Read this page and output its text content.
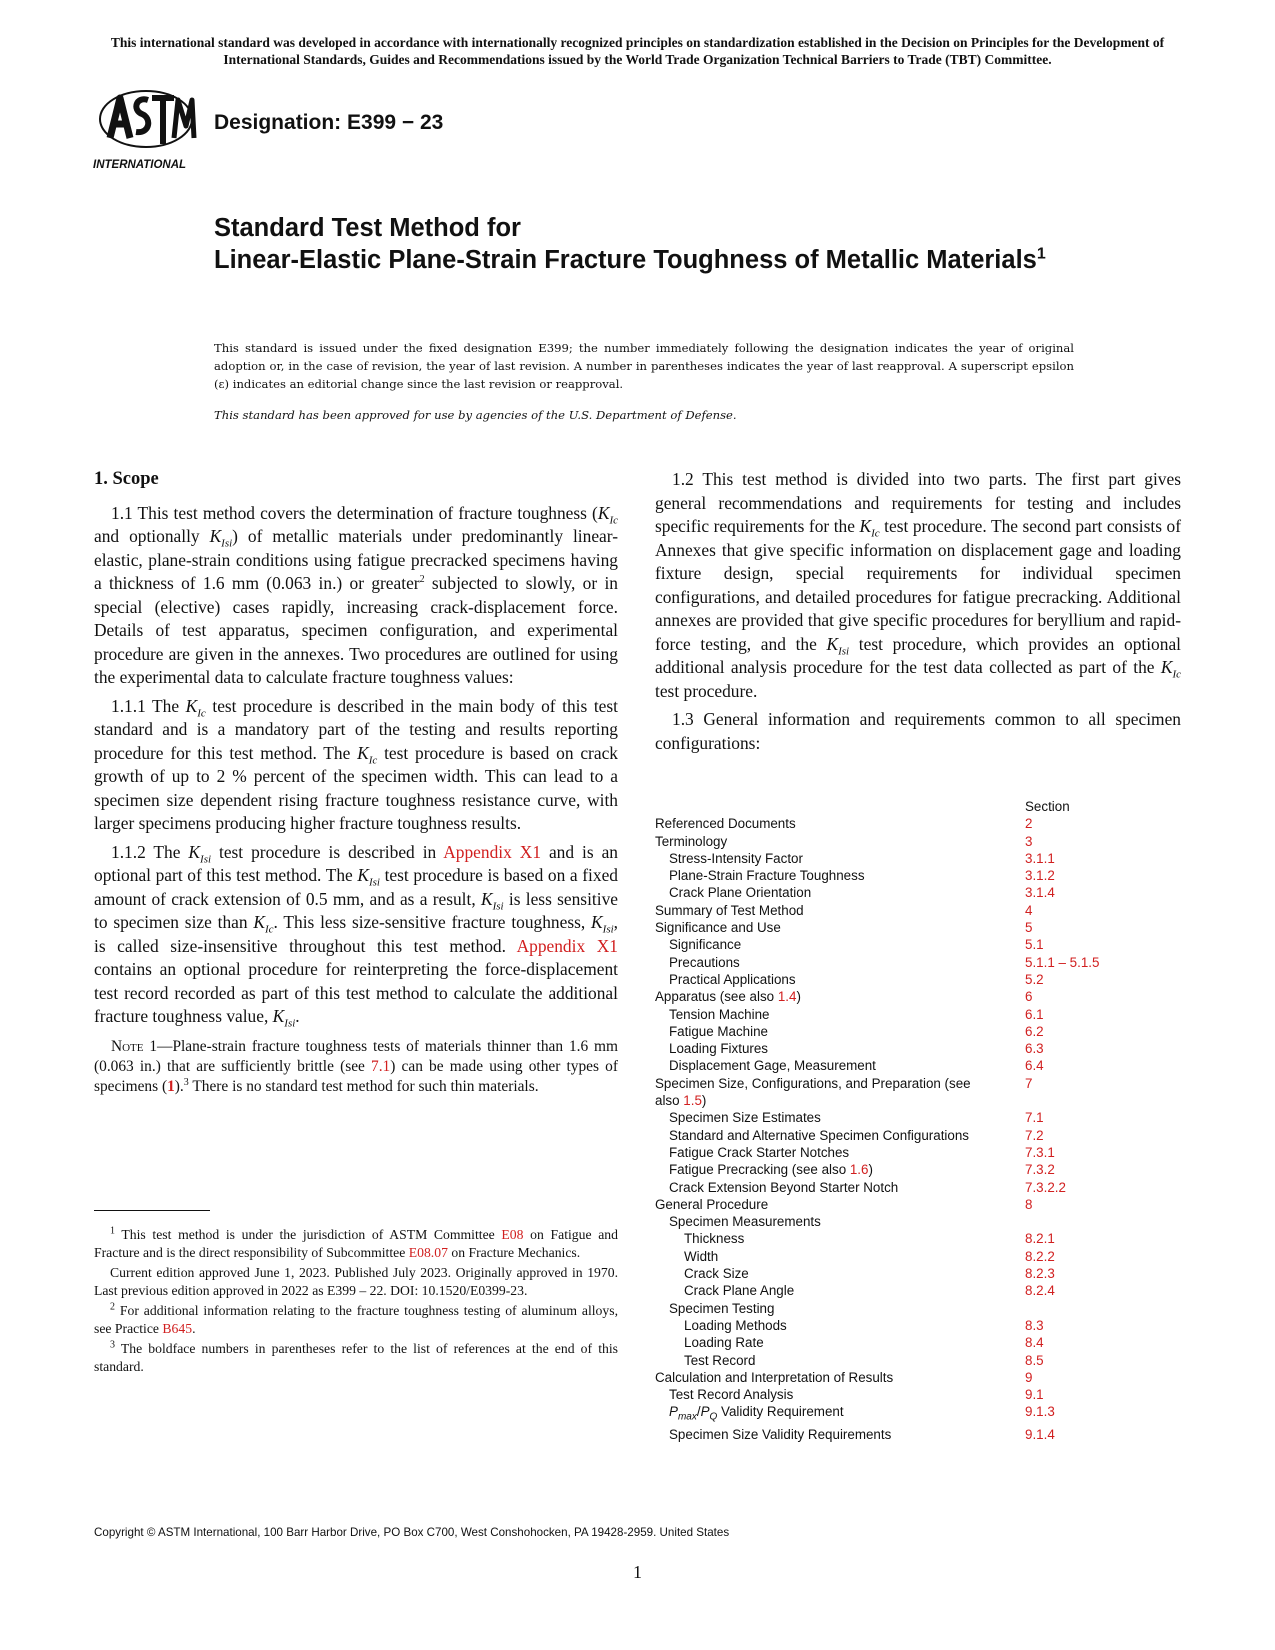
This international standard was developed in accordance with internationally recognized principles on standardization established in the Decision on Principles for the Development of International Standards, Guides and Recommendations issued by the World Trade Organization Technical Barriers to Trade (TBT) Committee.
INTERNATIONAL
Designation: E399 − 23
Standard Test Method for
Linear-Elastic Plane-Strain Fracture Toughness of Metallic Materials$^1$
This standard is issued under the fixed designation E399; the number immediately following the designation indicates the year of original adoption or, in the case of revision, the year of last revision. A number in parentheses indicates the year of last reapproval. A superscript epsilon (ε) indicates an editorial change since the last revision or reapproval.
This standard has been approved for use by agencies of the U.S. Department of Defense.

1. Scope

1.1 This test method covers the determination of fracture toughness ($K_{Ic}$ and optionally $K_{Isi}$) of metallic materials under predominantly linear-elastic, plane-strain conditions using fatigue precracked specimens having a thickness of 1.6 mm (0.063 in.) or greater$^2$ subjected to slowly, or in special (elective) cases rapidly, increasing crack-displacement force. Details of test apparatus, specimen configuration, and experimental procedure are given in the annexes. Two procedures are outlined for using the experimental data to calculate fracture toughness values:

1.1.1 The $K_{Ic}$ test procedure is described in the main body of this test standard and is a mandatory part of the testing and results reporting procedure for this test method. The $K_{Ic}$ test procedure is based on crack growth of up to 2 % percent of the specimen width. This can lead to a specimen size dependent rising fracture toughness resistance curve, with larger specimens producing higher fracture toughness results.

1.1.2 The $K_{Isi}$ test procedure is described in Appendix X1 and is an optional part of this test method. The $K_{Isi}$ test procedure is based on a fixed amount of crack extension of 0.5 mm, and as a result, $K_{Isi}$ is less sensitive to specimen size than $K_{Ic}$. This less size-sensitive fracture toughness, $K_{Isi}$, is called size-insensitive throughout this test method. Appendix X1 contains an optional procedure for reinterpreting the force-displacement test record recorded as part of this test method to calculate the additional fracture toughness value, $K_{Isi}$.

Note 1—Plane-strain fracture toughness tests of materials thinner than 1.6 mm (0.063 in.) that are sufficiently brittle (see 7.1) can be made using other types of specimens (1).$^3$ There is no standard test method for such thin materials.

$^1$ This test method is under the jurisdiction of ASTM Committee E08 on Fatigue and Fracture and is the direct responsibility of Subcommittee E08.07 on Fracture Mechanics.

Current edition approved June 1, 2023. Published July 2023. Originally approved in 1970. Last previous edition approved in 2022 as E399 – 22. DOI: 10.1520/E0399-23.

$^2$ For additional information relating to the fracture toughness testing of aluminum alloys, see Practice B645.

$^3$ The boldface numbers in parentheses refer to the list of references at the end of this standard.

1.2 This test method is divided into two parts. The first part gives general recommendations and requirements for testing and includes specific requirements for the $K_{Ic}$ test procedure. The second part consists of Annexes that give specific information on displacement gage and loading fixture design, special requirements for individual specimen configurations, and detailed procedures for fatigue precracking. Additional annexes are provided that give specific procedures for beryllium and rapid-force testing, and the $K_{Isi}$ test procedure, which provides an optional additional analysis procedure for the test data collected as part of the $K_{Ic}$ test procedure.

1.3 General information and requirements common to all specimen configurations:

Section
Referenced Documents	2
Terminology	3
Stress-Intensity Factor	3.1.1
Plane-Strain Fracture Toughness	3.1.2
Crack Plane Orientation	3.1.4
Summary of Test Method	4
Significance and Use	5
Significance	5.1
Precautions	5.1.1 – 5.1.5
Practical Applications	5.2
Apparatus (see also 1.4)	6
Tension Machine	6.1
Fatigue Machine	6.2
Loading Fixtures	6.3
Displacement Gage, Measurement	6.4
Specimen Size, Configurations, and Preparation (see	7
also 1.5)
Specimen Size Estimates	7.1
Standard and Alternative Specimen Configurations	7.2
Fatigue Crack Starter Notches	7.3.1
Fatigue Precracking (see also 1.6)	7.3.2
Crack Extension Beyond Starter Notch	7.3.2.2
General Procedure	8
Specimen Measurements
Thickness	8.2.1
Width	8.2.2
Crack Size	8.2.3
Crack Plane Angle	8.2.4
Specimen Testing
Loading Methods	8.3
Loading Rate	8.4
Test Record	8.5
Calculation and Interpretation of Results	9
Test Record Analysis	9.1
$P_{max}/P_Q$ Validity Requirement	9.1.3
Specimen Size Validity Requirements	9.1.4
Copyright © ASTM International, 100 Barr Harbor Drive, PO Box C700, West Conshohocken, PA 19428-2959. United States
1
